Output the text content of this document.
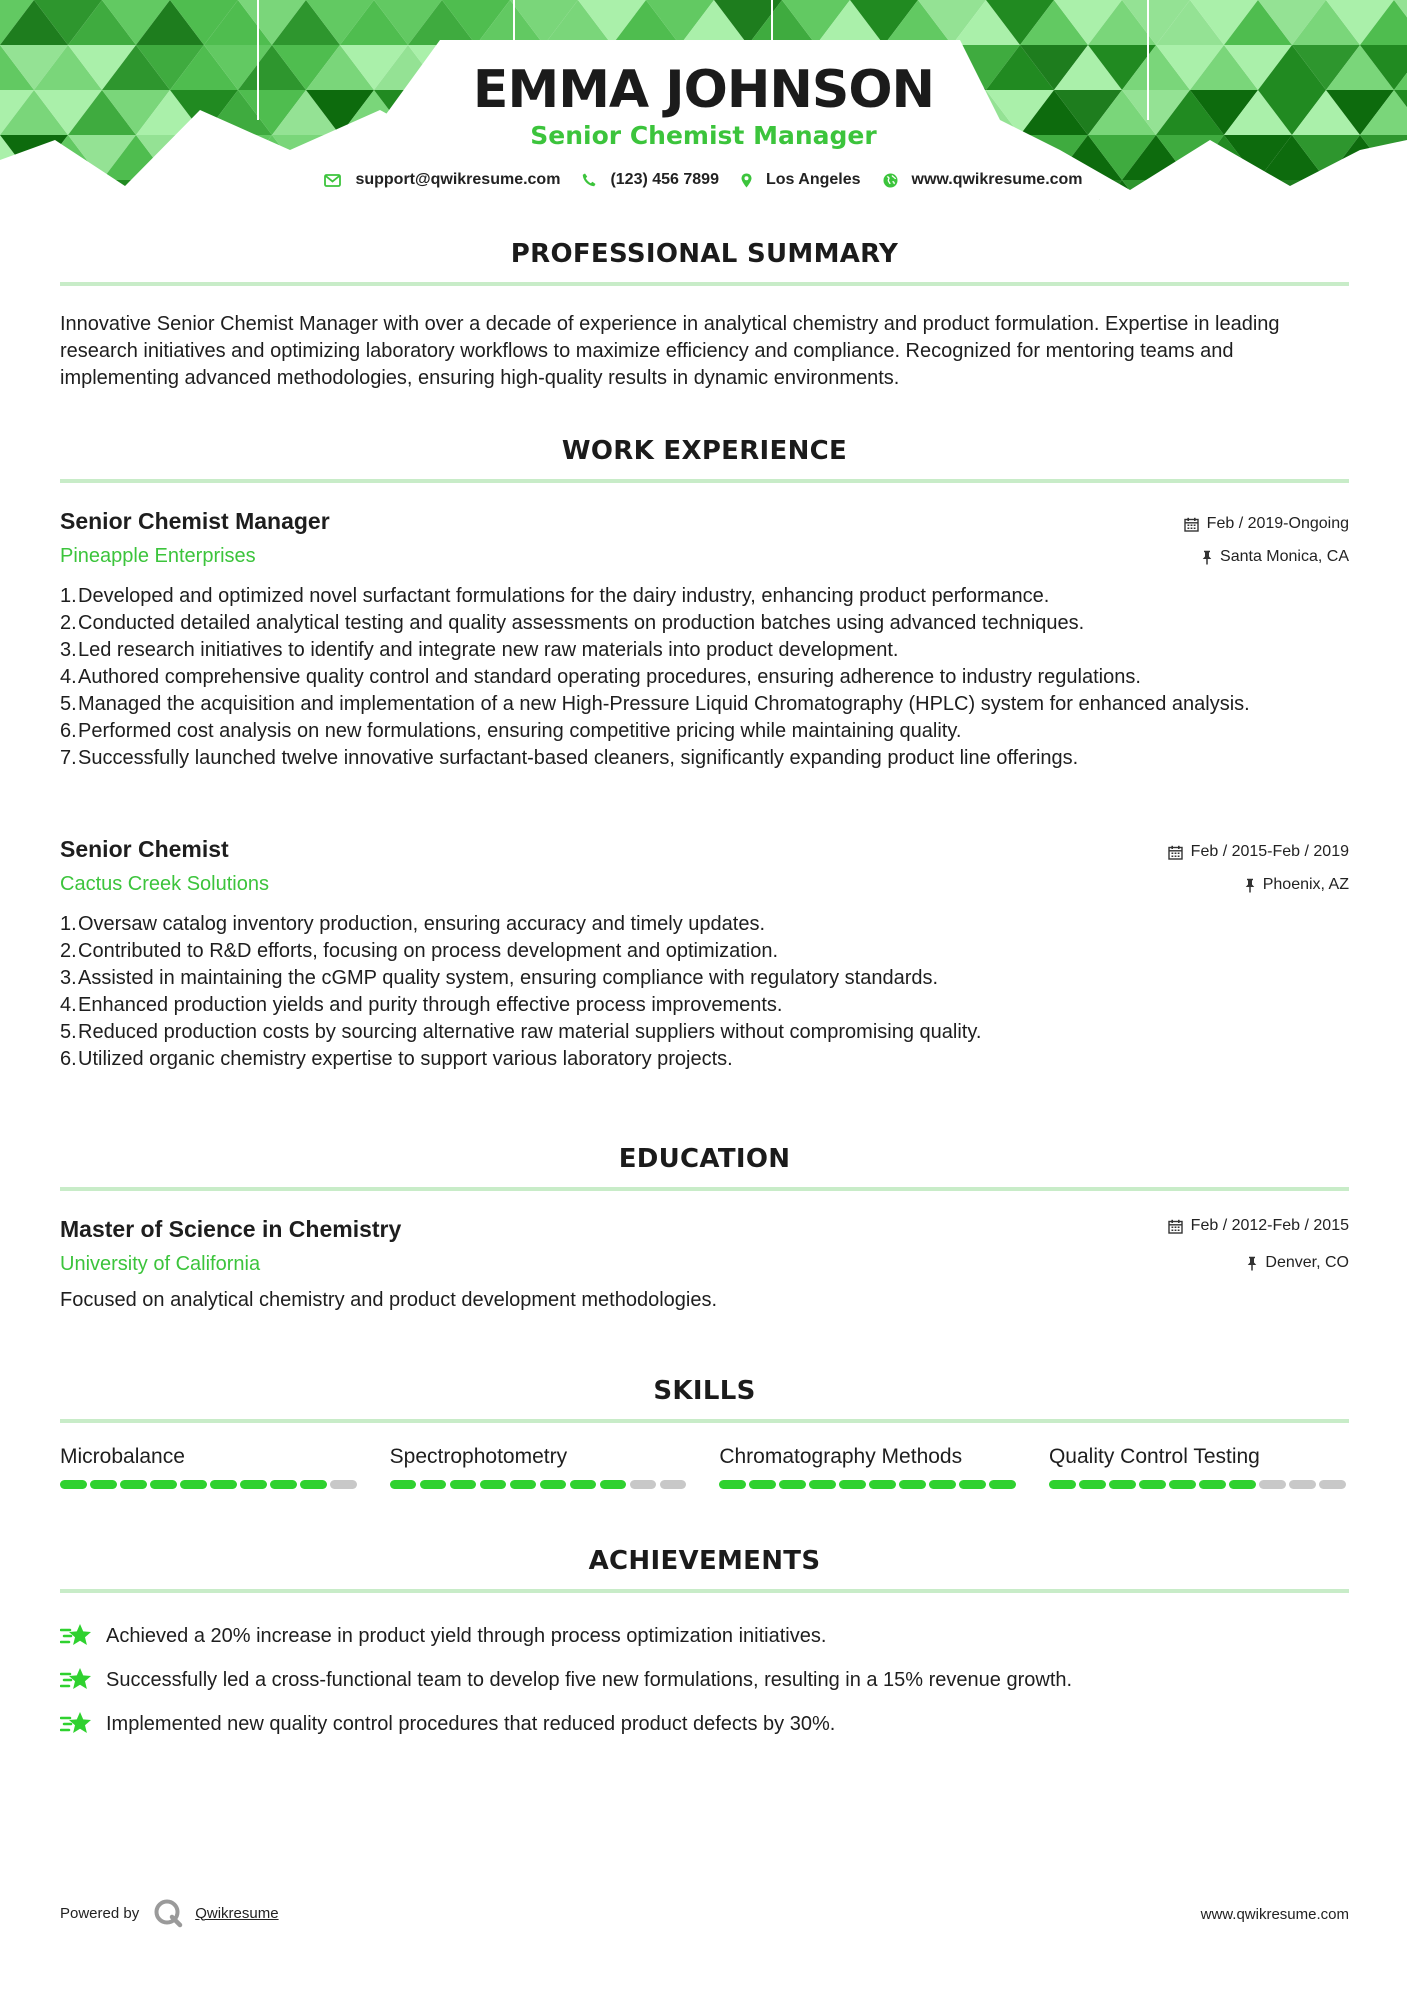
EMMA JOHNSON
Senior Chemist Manager
support@qwikresume.com	(123) 456 7899	Los Angeles	www.qwikresume.com
PROFESSIONAL SUMMARY
Innovative Senior Chemist Manager with over a decade of experience in analytical chemistry and product formulation. Expertise in leading research initiatives and optimizing laboratory workflows to maximize efficiency and compliance. Recognized for mentoring teams and implementing advanced methodologies, ensuring high-quality results in dynamic environments.
WORK EXPERIENCE
Senior Chemist Manager
Pineapple Enterprises
Feb / 2019-Ongoing
Santa Monica, CA
1. Developed and optimized novel surfactant formulations for the dairy industry, enhancing product performance.
2. Conducted detailed analytical testing and quality assessments on production batches using advanced techniques.
3. Led research initiatives to identify and integrate new raw materials into product development.
4. Authored comprehensive quality control and standard operating procedures, ensuring adherence to industry regulations.
5. Managed the acquisition and implementation of a new High-Pressure Liquid Chromatography (HPLC) system for enhanced analysis.
6. Performed cost analysis on new formulations, ensuring competitive pricing while maintaining quality.
7. Successfully launched twelve innovative surfactant-based cleaners, significantly expanding product line offerings.
Senior Chemist
Cactus Creek Solutions
Feb / 2015-Feb / 2019
Phoenix, AZ
1. Oversaw catalog inventory production, ensuring accuracy and timely updates.
2. Contributed to R&D efforts, focusing on process development and optimization.
3. Assisted in maintaining the cGMP quality system, ensuring compliance with regulatory standards.
4. Enhanced production yields and purity through effective process improvements.
5. Reduced production costs by sourcing alternative raw material suppliers without compromising quality.
6. Utilized organic chemistry expertise to support various laboratory projects.
EDUCATION
Master of Science in Chemistry
University of California
Feb / 2012-Feb / 2015
Denver, CO
Focused on analytical chemistry and product development methodologies.
SKILLS
Microbalance	Spectrophotometry	Chromatography Methods	Quality Control Testing
ACHIEVEMENTS
Achieved a 20% increase in product yield through process optimization initiatives.
Successfully led a cross-functional team to develop five new formulations, resulting in a 15% revenue growth.
Implemented new quality control procedures that reduced product defects by 30%.
Powered by	Qwikresume	www.qwikresume.com
